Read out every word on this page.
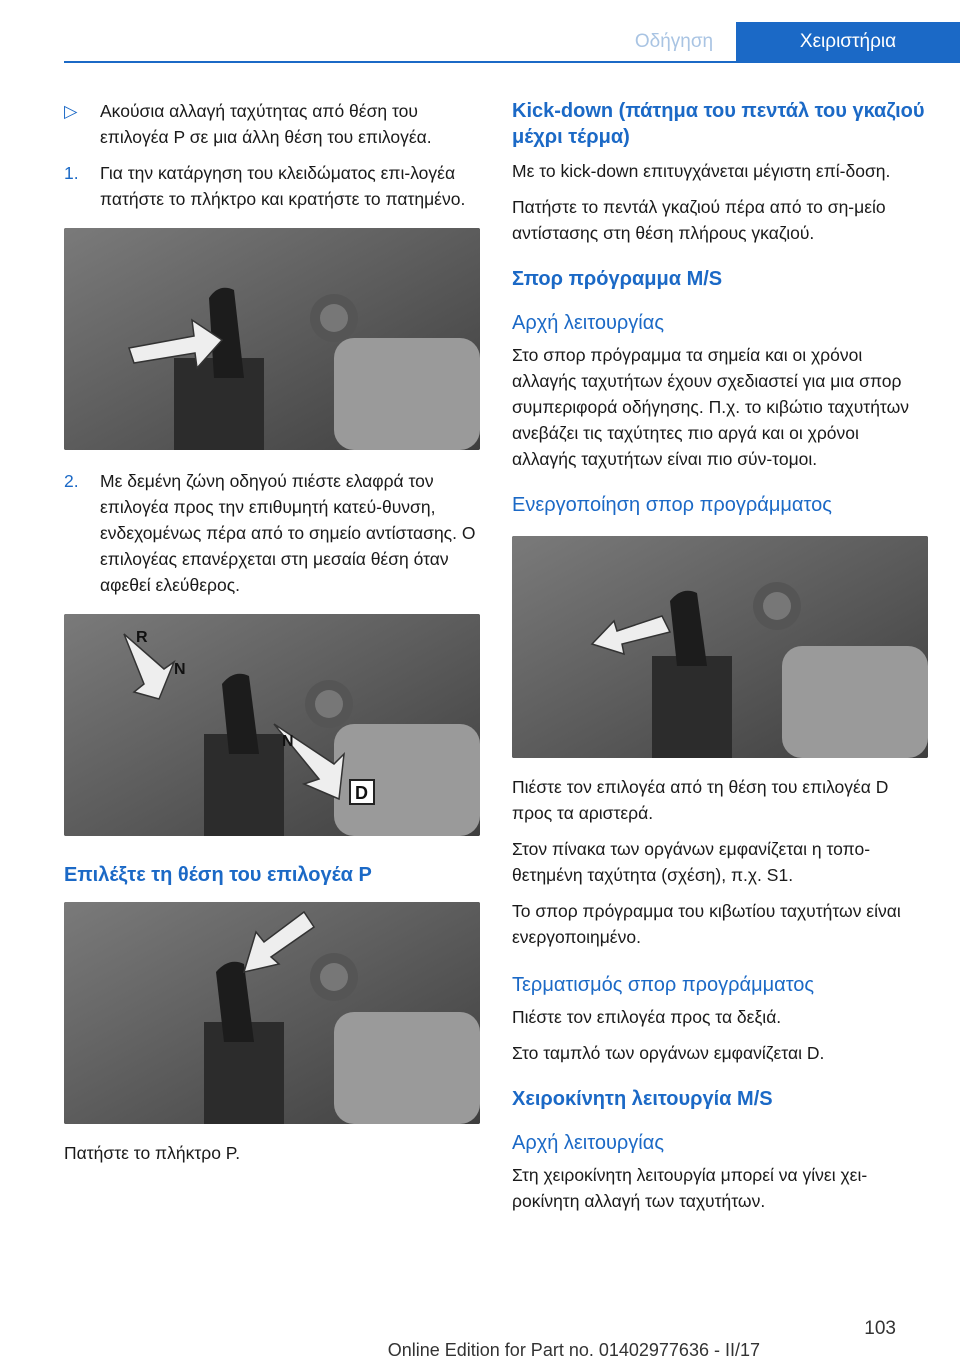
Οδήγηση	Χειριστήρια
▷	Ακούσια αλλαγή ταχύτητας από θέση του επιλογέα P σε μια άλλη θέση του επιλογέα.
1.	Για την κατάργηση του κλειδώματος επι-λογέα πατήστε το πλήκτρο και κρατήστε το πατημένο.
2.	Με δεμένη ζώνη οδηγού πιέστε ελαφρά τον επιλογέα προς την επιθυμητή κατεύ-θυνση, ενδεχομένως πέρα από το σημείο αντίστασης. Ο επιλογέας επανέρχεται στη μεσαία θέση όταν αφεθεί ελεύθερος.
R
N
N
D
Επιλέξτε τη θέση του επιλογέα P

Πατήστε το πλήκτρο P.

Kick-down (πάτημα του πεντάλ του γκαζιού μέχρι τέρμα)

Με το kick-down επιτυγχάνεται μέγιστη επί-δοση.

Πατήστε το πεντάλ γκαζιού πέρα από το ση-μείο αντίστασης στη θέση πλήρους γκαζιού.

Σπορ πρόγραμμα M/S
Αρχή λειτουργίας

Στο σπορ πρόγραμμα τα σημεία και οι χρόνοι αλλαγής ταχυτήτων έχουν σχεδιαστεί για μια σπορ συμπεριφορά οδήγησης. Π.χ. το κιβώτιο ταχυτήτων ανεβάζει τις ταχύτητες πιο αργά και οι χρόνοι αλλαγής ταχυτήτων είναι πιο σύν-τομοι.

Ενεργοποίηση σπορ προγράμματος

Πιέστε τον επιλογέα από τη θέση του επιλογέα D προς τα αριστερά.

Στον πίνακα των οργάνων εμφανίζεται η τοπο-θετημένη ταχύτητα (σχέση), π.χ. S1.

Το σπορ πρόγραμμα του κιβωτίου ταχυτήτων είναι ενεργοποιημένο.

Τερματισμός σπορ προγράμματος

Πιέστε τον επιλογέα προς τα δεξιά.

Στο ταμπλό των οργάνων εμφανίζεται D.

Χειροκίνητη λειτουργία M/S
Αρχή λειτουργίας

Στη χειροκίνητη λειτουργία μπορεί να γίνει χει-ροκίνητη αλλαγή των ταχυτήτων.

103
Online Edition for Part no. 01402977636 - II/17
